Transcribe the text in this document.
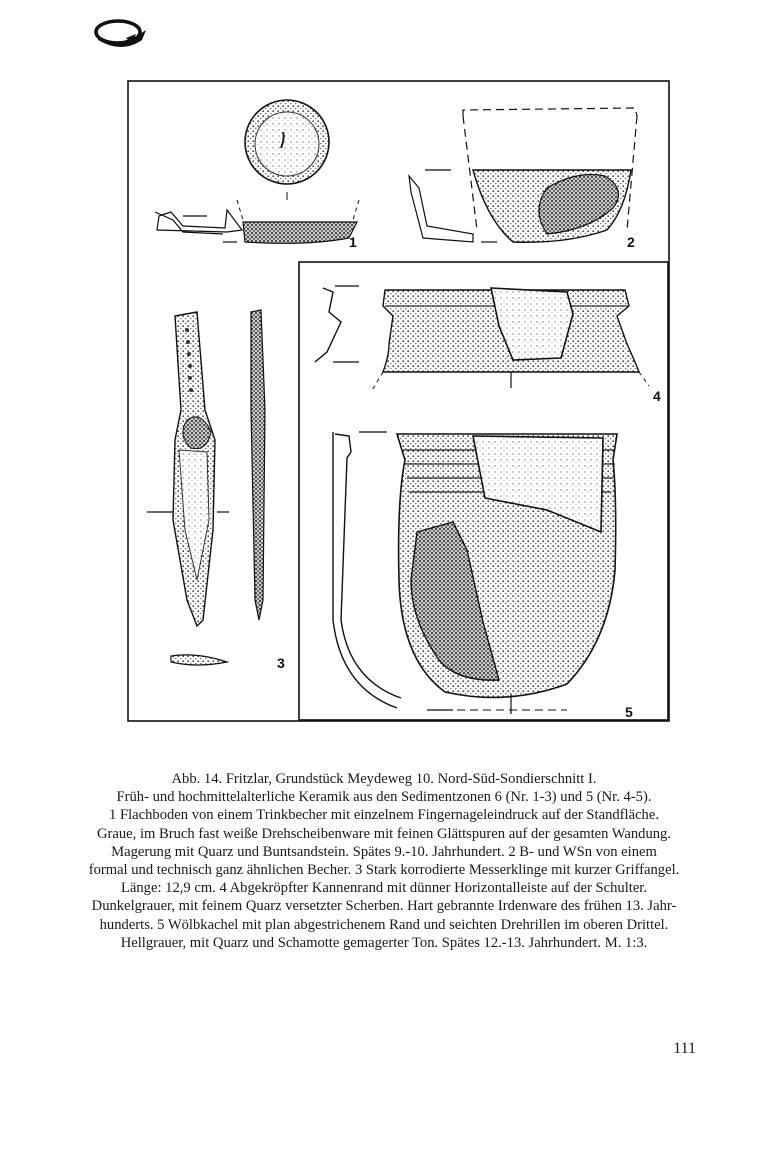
1	2
3
4
5
Abb. 14. Fritzlar, Grundstück Meydeweg 10. Nord-Süd-Sondierschnitt I.
Früh- und hochmittelalterliche Keramik aus den Sedimentzonen 6 (Nr. 1-3) und 5 (Nr. 4-5).
1 Flachboden von einem Trinkbecher mit einzelnem Fingernageleindruck auf der Standfläche.
Graue, im Bruch fast weiße Drehscheibenware mit feinen Glättspuren auf der gesamten Wandung.
Magerung mit Quarz und Buntsandstein. Spätes 9.-10. Jahrhundert. 2 B- und WSn von einem
formal und technisch ganz ähnlichen Becher. 3 Stark korrodierte Messerklinge mit kurzer Griffangel.
Länge: 12,9 cm. 4 Abgekröpfter Kannenrand mit dünner Horizontalleiste auf der Schulter.
Dunkelgrauer, mit feinem Quarz versetzter Scherben. Hart gebrannte Irdenware des frühen 13. Jahr-
hunderts. 5 Wölbkachel mit plan abgestrichenem Rand und seichten Drehrillen im oberen Drittel.
Hellgrauer, mit Quarz und Schamotte gemagerter Ton. Spätes 12.-13. Jahrhundert. M. 1:3.
111
